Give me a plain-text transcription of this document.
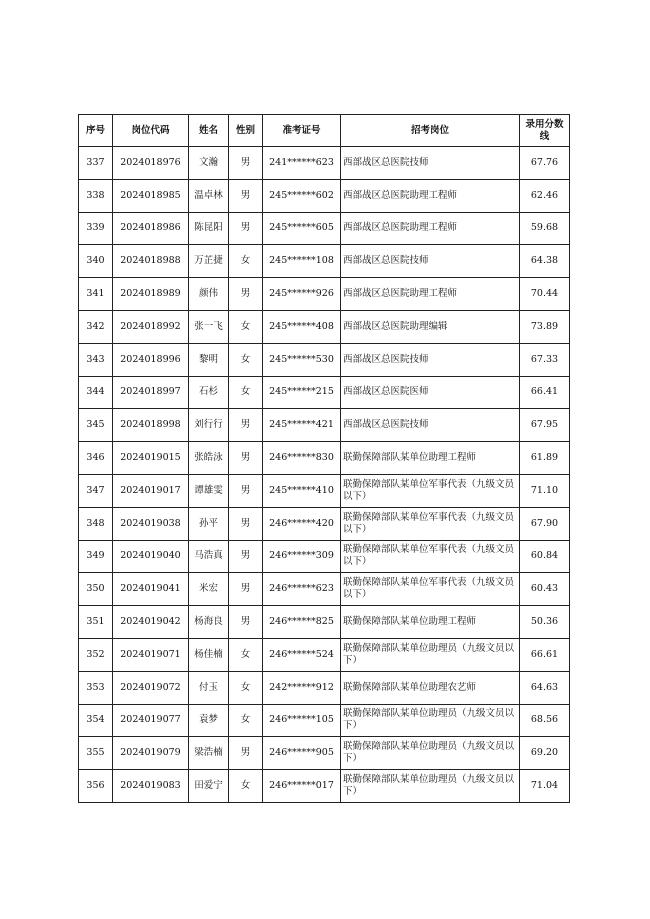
序号	岗位代码	姓名	性别	准考证号	招考岗位	录用分数线
337	2024018976	文瀚	男	241******623	西部战区总医院技师	67.76
338	2024018985	温卓林	男	245******602	西部战区总医院助理工程师	62.46
339	2024018986	陈昆阳	男	245******605	西部战区总医院助理工程师	59.68
340	2024018988	万芷捷	女	245******108	西部战区总医院技师	64.38
341	2024018989	颜伟	男	245******926	西部战区总医院助理工程师	70.44
342	2024018992	张一飞	女	245******408	西部战区总医院助理编辑	73.89
343	2024018996	黎明	女	245******530	西部战区总医院技师	67.33
344	2024018997	石杉	女	245******215	西部战区总医院医师	66.41
345	2024018998	刘行行	男	245******421	西部战区总医院技师	67.95
346	2024019015	张皓泳	男	246******830	联勤保障部队某单位助理工程师	61.89
347	2024019017	谭雄雯	男	245******410	联勤保障部队某单位军事代表（九级文员以下）	71.10
348	2024019038	孙平	男	246******420	联勤保障部队某单位军事代表（九级文员以下）	67.90
349	2024019040	马浩真	男	246******309	联勤保障部队某单位军事代表（九级文员以下）	60.84
350	2024019041	米宏	男	246******623	联勤保障部队某单位军事代表（九级文员以下）	60.43
351	2024019042	杨海良	男	246******825	联勤保障部队某单位助理工程师	50.36
352	2024019071	杨佳楠	女	246******524	联勤保障部队某单位助理员（九级文员以下）	66.61
353	2024019072	付玉	女	242******912	联勤保障部队某单位助理农艺师	64.63
354	2024019077	袁梦	女	246******105	联勤保障部队某单位助理员（九级文员以下）	68.56
355	2024019079	梁浩楠	男	246******905	联勤保障部队某单位助理员（九级文员以下）	69.20
356	2024019083	田爱宁	女	246******017	联勤保障部队某单位助理员（九级文员以下）	71.04
